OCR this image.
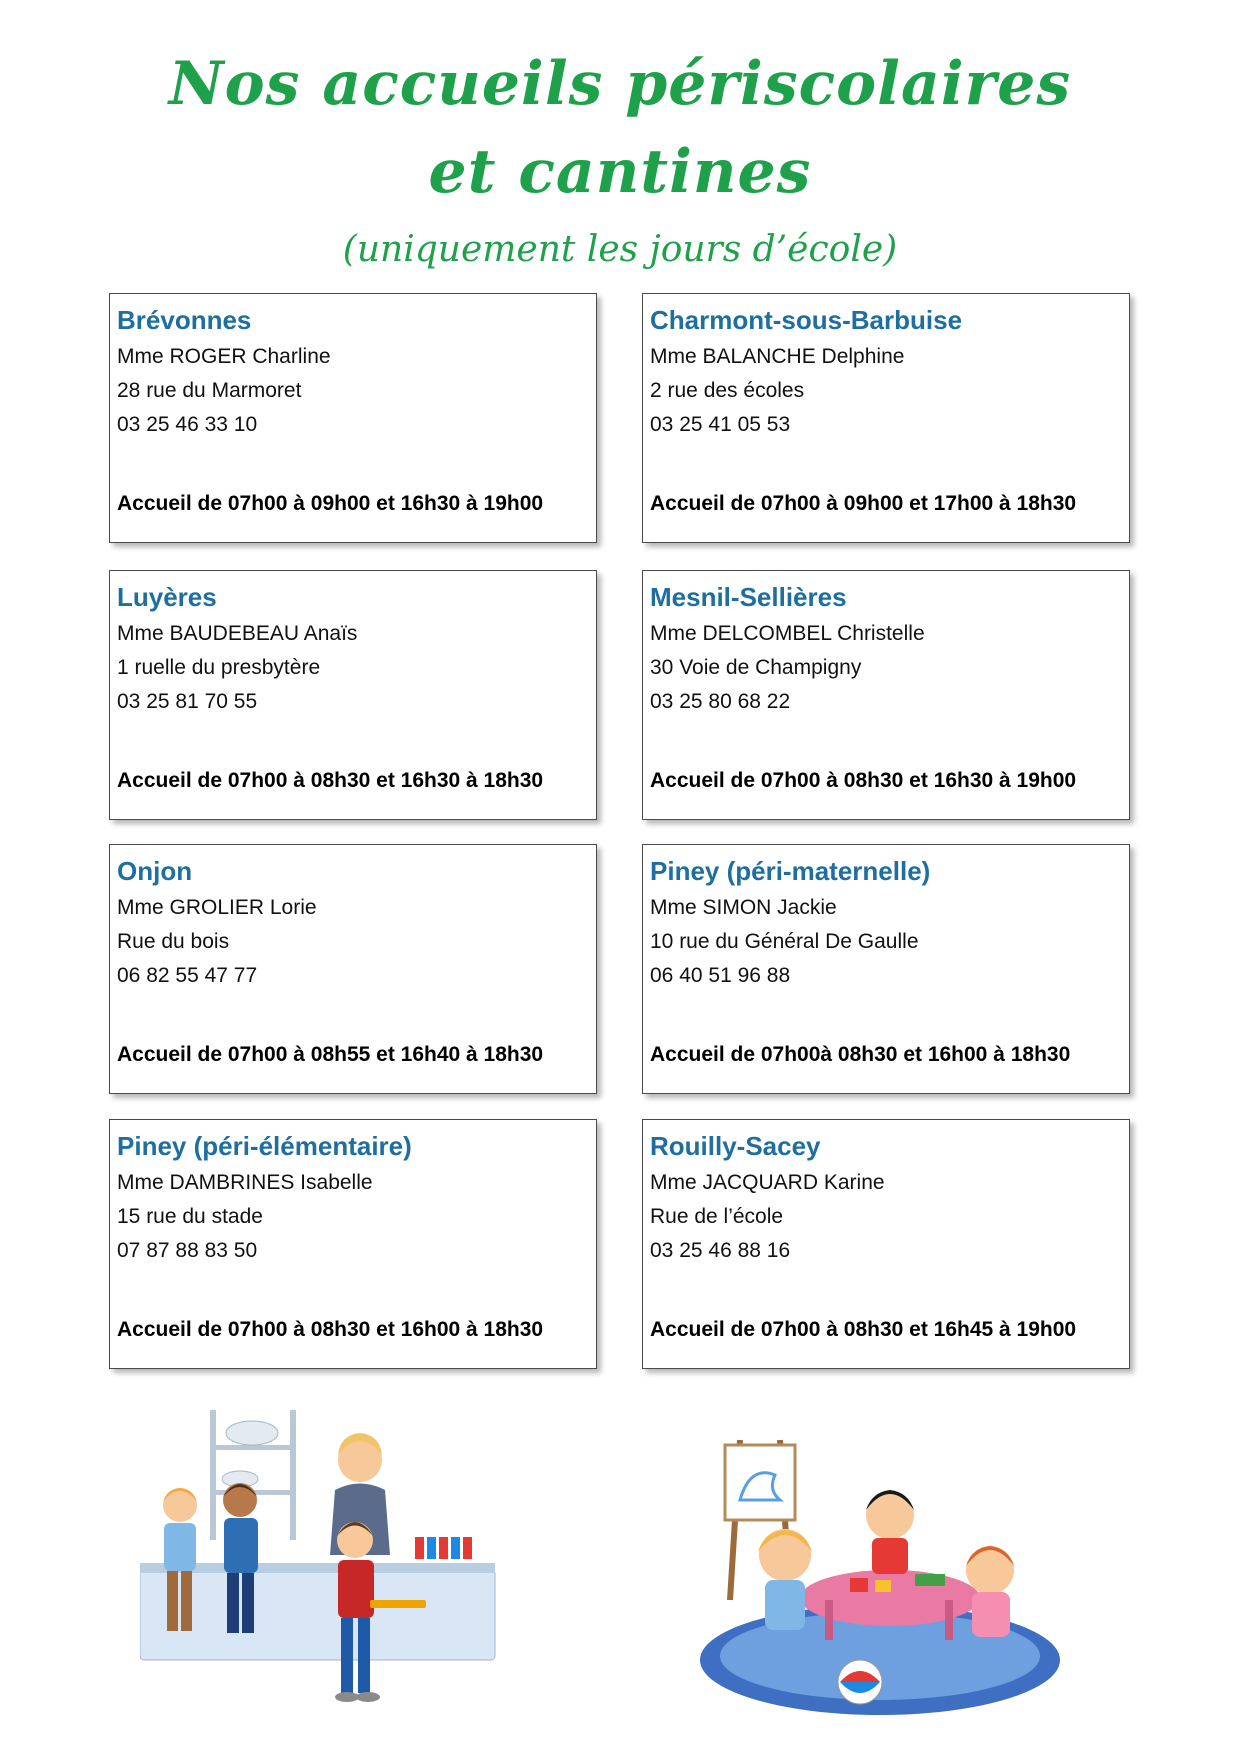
Nos accueils périscolaires
et cantines
(uniquement les jours d’école)
Brévonnes
Mme ROGER Charline
28 rue du Marmoret
03 25 46 33 10
Accueil de 07h00 à 09h00 et 16h30 à 19h00
Charmont-sous-Barbuise
Mme BALANCHE Delphine
2 rue des écoles
03 25 41 05 53
Accueil de 07h00 à 09h00 et 17h00 à 18h30
Luyères
Mme BAUDEBEAU Anaïs
1 ruelle du presbytère
03 25 81 70 55
Accueil de 07h00 à 08h30 et 16h30 à 18h30
Mesnil-Sellières
Mme DELCOMBEL Christelle
30 Voie de Champigny
03 25 80 68 22
Accueil de 07h00 à 08h30 et 16h30 à 19h00
Onjon
Mme GROLIER Lorie
Rue du bois
06 82 55 47 77
Accueil de 07h00 à 08h55 et 16h40 à 18h30
Piney (péri-maternelle)
Mme SIMON Jackie
10 rue du Général De Gaulle
06 40 51 96 88
Accueil de 07h00à 08h30 et 16h00 à 18h30
Piney (péri-élémentaire)
Mme DAMBRINES Isabelle
15 rue du stade
07 87 88 83 50
Accueil de 07h00 à 08h30 et 16h00 à 18h30
Rouilly-Sacey
Mme JACQUARD Karine
Rue de l’école
03 25 46 88 16
Accueil de 07h00 à 08h30 et 16h45 à 19h00
